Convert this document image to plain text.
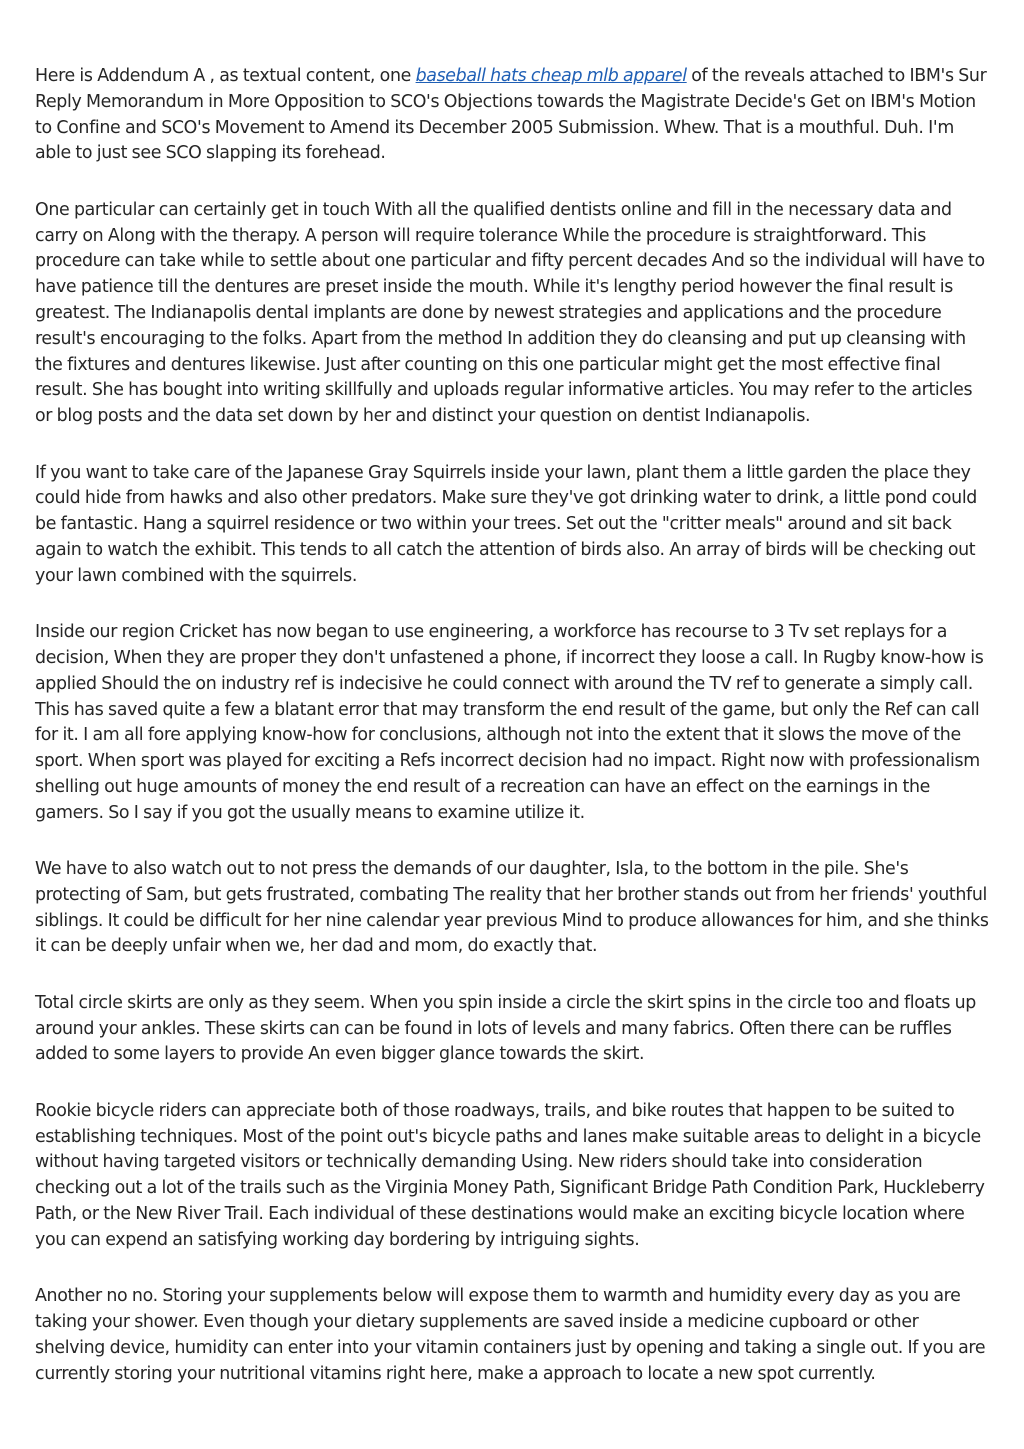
Here is Addendum A , as textual content, one baseball hats cheap mlb apparel of the reveals attached to IBM's Sur Reply Memorandum in More Opposition to SCO's Objections towards the Magistrate Decide's Get on IBM's Motion to Confine and SCO's Movement to Amend its December 2005 Submission. Whew. That is a mouthful. Duh. I'm able to just see SCO slapping its forehead.

One particular can certainly get in touch With all the qualified dentists online and fill in the necessary data and carry on Along with the therapy. A person will require tolerance While the procedure is straightforward. This procedure can take while to settle about one particular and fifty percent decades And so the individual will have to have patience till the dentures are preset inside the mouth. While it's lengthy period however the final result is greatest. The Indianapolis dental implants are done by newest strategies and applications and the procedure result's encouraging to the folks. Apart from the method In addition they do cleansing and put up cleansing with the fixtures and dentures likewise. Just after counting on this one particular might get the most effective final result. She has bought into writing skillfully and uploads regular informative articles. You may refer to the articles or blog posts and the data set down by her and distinct your question on dentist Indianapolis.

If you want to take care of the Japanese Gray Squirrels inside your lawn, plant them a little garden the place they could hide from hawks and also other predators. Make sure they've got drinking water to drink, a little pond could be fantastic. Hang a squirrel residence or two within your trees. Set out the "critter meals" around and sit back again to watch the exhibit. This tends to all catch the attention of birds also. An array of birds will be checking out your lawn combined with the squirrels.

Inside our region Cricket has now began to use engineering, a workforce has recourse to 3 Tv set replays for a decision, When they are proper they don't unfastened a phone, if incorrect they loose a call. In Rugby know-how is applied Should the on industry ref is indecisive he could connect with around the TV ref to generate a simply call. This has saved quite a few a blatant error that may transform the end result of the game, but only the Ref can call for it. I am all fore applying know-how for conclusions, although not into the extent that it slows the move of the sport. When sport was played for exciting a Refs incorrect decision had no impact. Right now with professionalism shelling out huge amounts of money the end result of a recreation can have an effect on the earnings in the gamers. So I say if you got the usually means to examine utilize it.

We have to also watch out to not press the demands of our daughter, Isla, to the bottom in the pile. She's protecting of Sam, but gets frustrated, combating The reality that her brother stands out from her friends' youthful siblings. It could be difficult for her nine calendar year previous Mind to produce allowances for him, and she thinks it can be deeply unfair when we, her dad and mom, do exactly that.

Total circle skirts are only as they seem. When you spin inside a circle the skirt spins in the circle too and floats up around your ankles. These skirts can can be found in lots of levels and many fabrics. Often there can be ruffles added to some layers to provide An even bigger glance towards the skirt.

Rookie bicycle riders can appreciate both of those roadways, trails, and bike routes that happen to be suited to establishing techniques. Most of the point out's bicycle paths and lanes make suitable areas to delight in a bicycle without having targeted visitors or technically demanding Using. New riders should take into consideration checking out a lot of the trails such as the Virginia Money Path, Significant Bridge Path Condition Park, Huckleberry Path, or the New River Trail. Each individual of these destinations would make an exciting bicycle location where you can expend an satisfying working day bordering by intriguing sights.

Another no no. Storing your supplements below will expose them to warmth and humidity every day as you are taking your shower. Even though your dietary supplements are saved inside a medicine cupboard or other shelving device, humidity can enter into your vitamin containers just by opening and taking a single out. If you are currently storing your nutritional vitamins right here, make a approach to locate a new spot currently.
